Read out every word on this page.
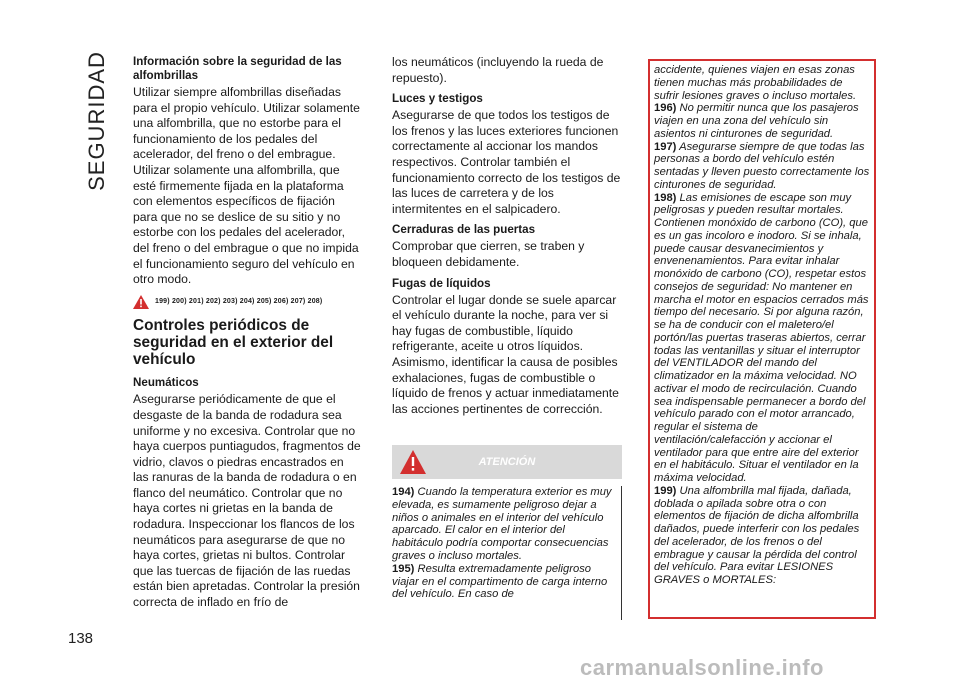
SEGURIDAD Información sobre la seguridad de las alfombrillas

Utilizar siempre alfombrillas diseñadas para el propio vehículo. Utilizar solamente una alfombrilla, que no estorbe para el funcionamiento de los pedales del acelerador, del freno o del embrague. Utilizar solamente una alfombrilla, que esté firmemente fijada en la plataforma con elementos específicos de fijación para que no se deslice de su sitio y no estorbe con los pedales del acelerador, del freno o del embrague o que no impida el funcionamiento seguro del vehículo en otro modo.

199) 200) 201) 202) 203) 204) 205) 206) 207) 208)
Controles periódicos de seguridad en el exterior del vehículo
Neumáticos

Asegurarse periódicamente de que el desgaste de la banda de rodadura sea uniforme y no excesiva. Controlar que no haya cuerpos puntiagudos, fragmentos de vidrio, clavos o piedras encastrados en las ranuras de la banda de rodadura o en flanco del neumático. Controlar que no haya cortes ni grietas en la banda de rodadura. Inspeccionar los flancos de los neumáticos para asegurarse de que no haya cortes, grietas ni bultos. Controlar que las tuercas de fijación de las ruedas están bien apretadas. Controlar la presión correcta de inflado en frío de

los neumáticos (incluyendo la rueda de repuesto).

Luces y testigos

Asegurarse de que todos los testigos de los frenos y las luces exteriores funcionen correctamente al accionar los mandos respectivos. Controlar también el funcionamiento correcto de los testigos de las luces de carretera y de los intermitentes en el salpicadero.

Cerraduras de las puertas

Comprobar que cierren, se traben y bloqueen debidamente.

Fugas de líquidos

Controlar el lugar donde se suele aparcar el vehículo durante la noche, para ver si hay fugas de combustible, líquido refrigerante, aceite u otros líquidos. Asimismo, identificar la causa de posibles exhalaciones, fugas de combustible o líquido de frenos y actuar inmediatamente las acciones pertinentes de corrección.

ATENCIÓN
194) Cuando la temperatura exterior es muy elevada, es sumamente peligroso dejar a niños o animales en el interior del vehículo aparcado. El calor en el interior del habitáculo podría comportar consecuencias graves o incluso mortales.
195) Resulta extremadamente peligroso viajar en el compartimento de carga interno del vehículo. En caso de

accidente, quienes viajen en esas zonas tienen muchas más probabilidades de sufrir lesiones graves o incluso mortales.

196) No permitir nunca que los pasajeros viajen en una zona del vehículo sin asientos ni cinturones de seguridad.

197) Asegurarse siempre de que todas las personas a bordo del vehículo estén sentadas y lleven puesto correctamente los cinturones de seguridad.

198) Las emisiones de escape son muy peligrosas y pueden resultar mortales. Contienen monóxido de carbono (CO), que es un gas incoloro e inodoro. Si se inhala, puede causar desvanecimientos y envenenamientos. Para evitar inhalar monóxido de carbono (CO), respetar estos consejos de seguridad: No mantener en marcha el motor en espacios cerrados más tiempo del necesario. Si por alguna razón, se ha de conducir con el maletero/el portón/las puertas traseras abiertos, cerrar todas las ventanillas y situar el interruptor del VENTILADOR del mando del climatizador en la máxima velocidad. NO activar el modo de recirculación. Cuando sea indispensable permanecer a bordo del vehículo parado con el motor arrancado, regular el sistema de ventilación/calefacción y accionar el ventilador para que entre aire del exterior en el habitáculo. Situar el ventilador en la máxima velocidad.

199) Una alfombrilla mal fijada, dañada, doblada o apilada sobre otra o con elementos de fijación de dicha alfombrilla dañados, puede interferir con los pedales del acelerador, de los frenos o del embrague y causar la pérdida del control del vehículo. Para evitar LESIONES GRAVES o MORTALES:

138
carmanualsonline.info
